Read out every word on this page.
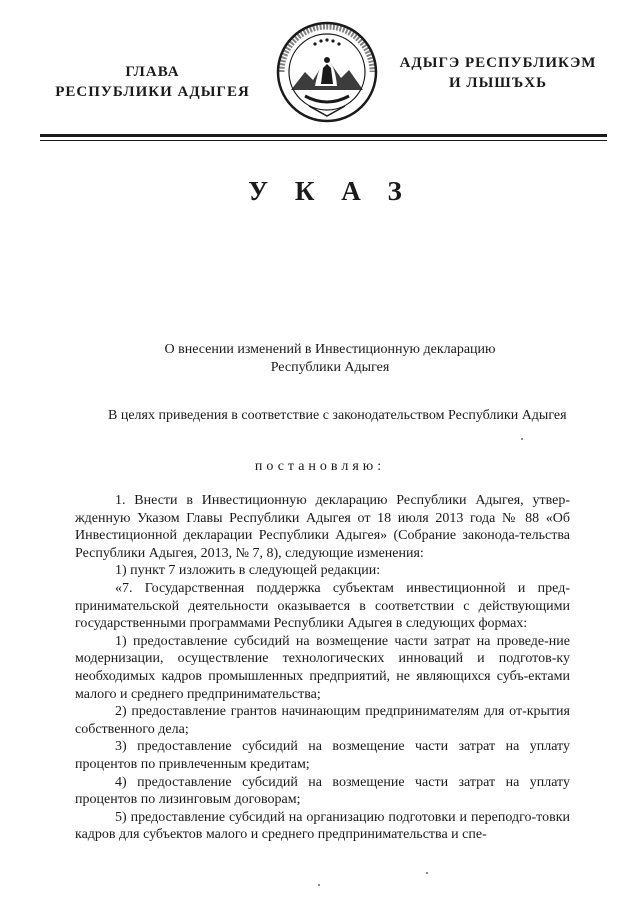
ГЛАВА
РЕСПУБЛИКИ АДЫГЕЯ
АДЫГЭ РЕСПУБЛИКЭМ
И ЛЫШЪХЬ
У К А З
О внесении изменений в Инвестиционную декларацию
Республики Адыгея

В целях приведения в соответствие с законодательством Республики Адыгея

постановляю:

1. Внести в Инвестиционную декларацию Республики Адыгея, утвер-жденную Указом Главы Республики Адыгея от 18 июля 2013 года № 88 «Об Инвестиционной декларации Республики Адыгея» (Собрание законода-тельства Республики Адыгея, 2013, № 7, 8), следующие изменения:

1) пункт 7 изложить в следующей редакции:

«7. Государственная поддержка субъектам инвестиционной и пред-принимательской деятельности оказывается в соответствии с действующими государственными программами Республики Адыгея в следующих формах:

1) предоставление субсидий на возмещение части затрат на проведе-ние модернизации, осуществление технологических инноваций и подготов-ку необходимых кадров промышленных предприятий, не являющихся субъ-ектами малого и среднего предпринимательства;

2) предоставление грантов начинающим предпринимателям для от-крытия собственного дела;

3) предоставление субсидий на возмещение части затрат на уплату процентов по привлеченным кредитам;

4) предоставление субсидий на возмещение части затрат на уплату процентов по лизинговым договорам;

5) предоставление субсидий на организацию подготовки и переподго-товки кадров для субъектов малого и среднего предпринимательства и спе-
